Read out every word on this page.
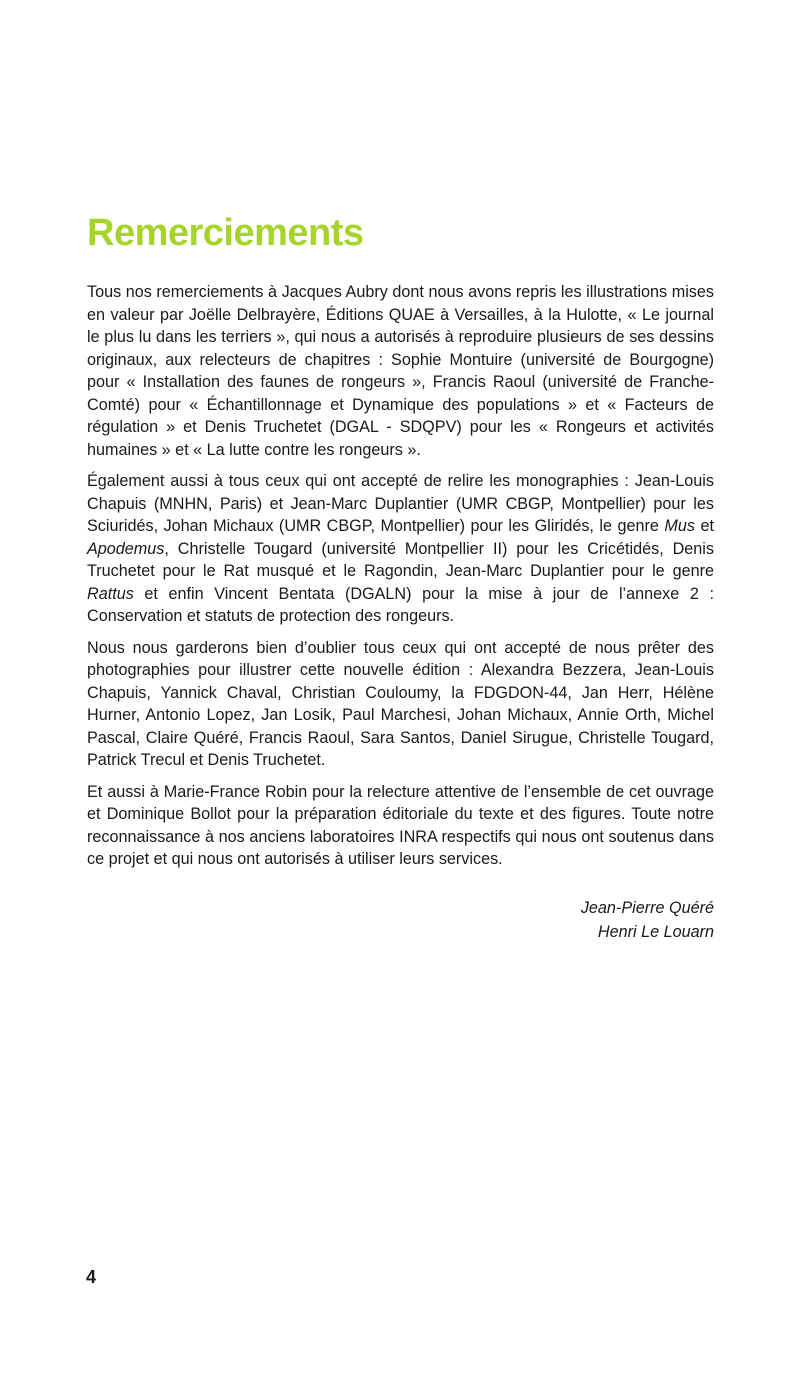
Remerciements

Tous nos remerciements à Jacques Aubry dont nous avons repris les illustrations mises en valeur par Joëlle Delbrayère, Éditions QUAE à Versailles, à la Hulotte, « Le journal le plus lu dans les terriers », qui nous a autorisés à reproduire plusieurs de ses dessins originaux, aux relecteurs de chapitres : Sophie Montuire (université de Bourgogne) pour « Installation des faunes de rongeurs », Francis Raoul (université de Franche-Comté) pour « Échantillonnage et Dynamique des populations » et « Facteurs de régulation » et Denis Truchetet (DGAL - SDQPV) pour les « Rongeurs et activités humaines » et « La lutte contre les rongeurs ».

Également aussi à tous ceux qui ont accepté de relire les monographies : Jean-Louis Chapuis (MNHN, Paris) et Jean-Marc Duplantier (UMR CBGP, Montpellier) pour les Sciuridés, Johan Michaux (UMR CBGP, Montpellier) pour les Gliridés, le genre Mus et Apodemus, Christelle Tougard (université Montpellier II) pour les Cricétidés, Denis Truchetet pour le Rat musqué et le Ragondin, Jean-Marc Duplantier pour le genre Rattus et enfin Vincent Bentata (DGALN) pour la mise à jour de l’annexe 2 : Conservation et statuts de protection des rongeurs.

Nous nous garderons bien d’oublier tous ceux qui ont accepté de nous prêter des photographies pour illustrer cette nouvelle édition : Alexandra Bezzera, Jean-Louis Chapuis, Yannick Chaval, Christian Couloumy, la FDGDON-44, Jan Herr, Hélène Hurner, Antonio Lopez, Jan Losik, Paul Marchesi, Johan Michaux, Annie Orth, Michel Pascal, Claire Quéré, Francis Raoul, Sara Santos, Daniel Sirugue, Christelle Tougard, Patrick Trecul et Denis Truchetet.

Et aussi à Marie-France Robin pour la relecture attentive de l’ensemble de cet ouvrage et Dominique Bollot pour la préparation éditoriale du texte et des figures. Toute notre reconnaissance à nos anciens laboratoires INRA respectifs qui nous ont soutenus dans ce projet et qui nous ont autorisés à utiliser leurs services.

Jean-Pierre Quéré
Henri Le Louarn
4
